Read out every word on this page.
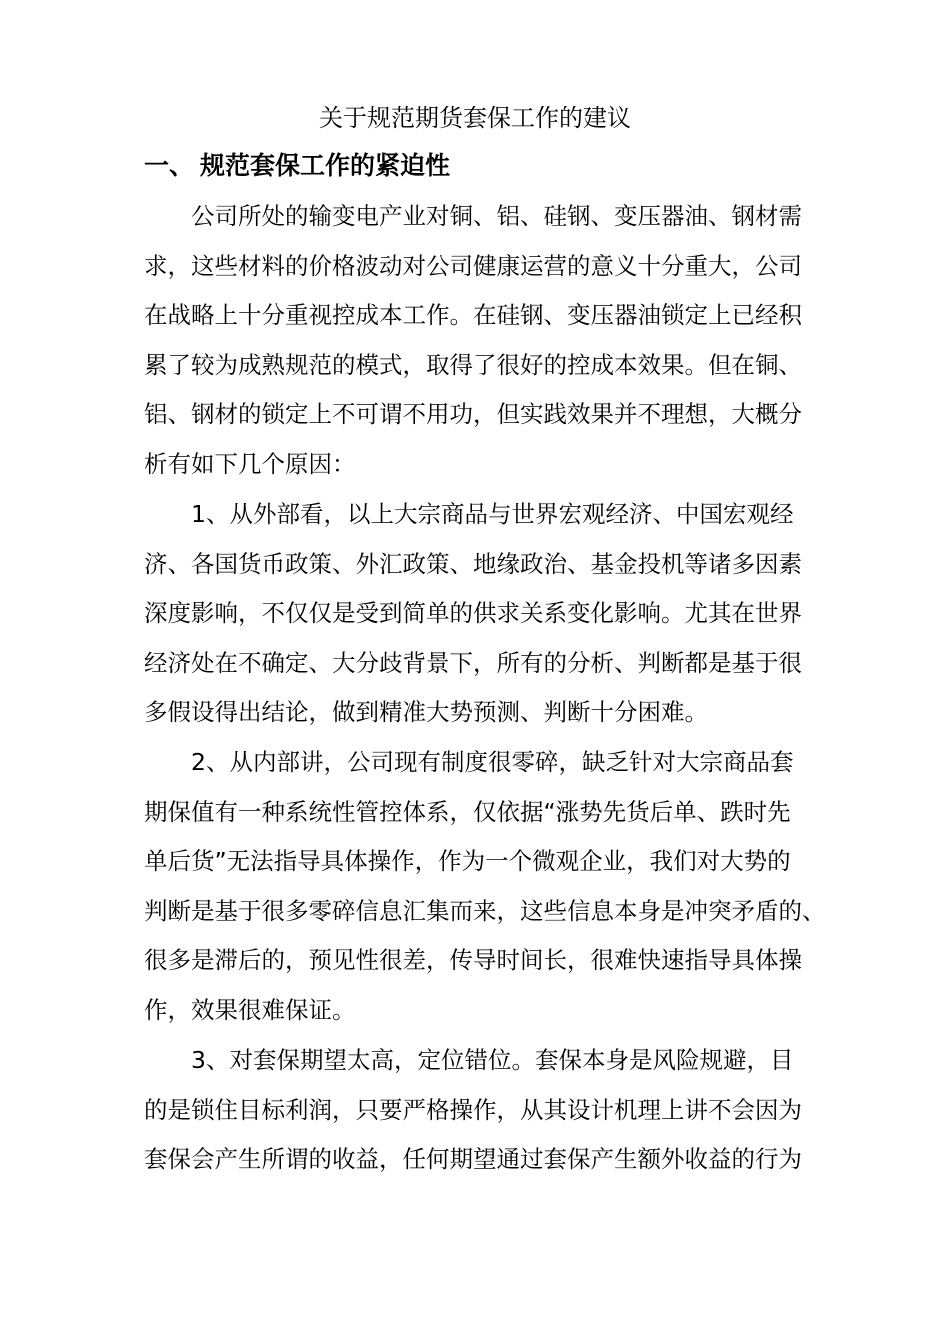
关于规范期货套保工作的建议
一、 规范套保工作的紧迫性
公司所处的输变电产业对铜、铝、硅钢、变压器油、钢材需
求，这些材料的价格波动对公司健康运营的意义十分重大，公司
在战略上十分重视控成本工作。在硅钢、变压器油锁定上已经积
累了较为成熟规范的模式，取得了很好的控成本效果。但在铜、
铝、钢材的锁定上不可谓不用功，但实践效果并不理想，大概分
析有如下几个原因：
1、从外部看，以上大宗商品与世界宏观经济、中国宏观经
济、各国货币政策、外汇政策、地缘政治、基金投机等诸多因素
深度影响，不仅仅是受到简单的供求关系变化影响。尤其在世界
经济处在不确定、大分歧背景下，所有的分析、判断都是基于很
多假设得出结论，做到精准大势预测、判断十分困难。
2、从内部讲，公司现有制度很零碎，缺乏针对大宗商品套
期保值有一种系统性管控体系，仅依据“涨势先货后单、跌时先
单后货”无法指导具体操作，作为一个微观企业，我们对大势的
判断是基于很多零碎信息汇集而来，这些信息本身是冲突矛盾的、
很多是滞后的，预见性很差，传导时间长，很难快速指导具体操
作，效果很难保证。
3、对套保期望太高，定位错位。套保本身是风险规避，目
的是锁住目标利润，只要严格操作，从其设计机理上讲不会因为
套保会产生所谓的收益，任何期望通过套保产生额外收益的行为
